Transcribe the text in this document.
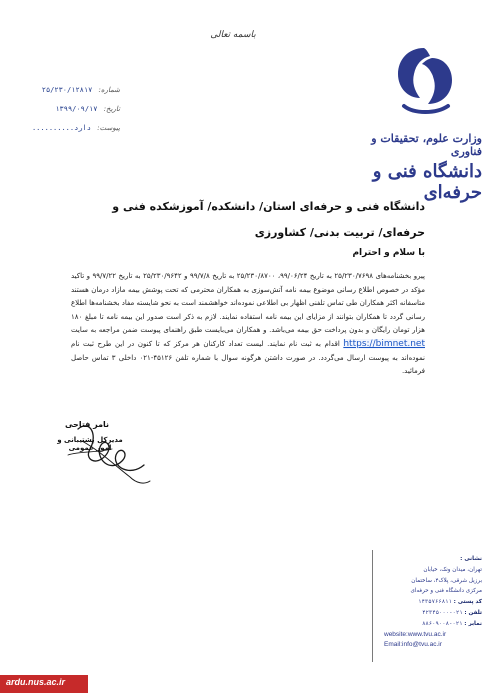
باسمه تعالی
شماره: ۲۵/۲۳۰/۱۲۸۱۷
تاریخ: ۱۳۹۹/۰۹/۱۷
پیوست: دارد..........
وزارت علوم، تحقیقات و فناوری
دانشگاه فنی و حرفه‌ای
دانشگاه فنی و حرفه‌ای استان/ دانشکده/ آموزشکده فنی و حرفه‌ای/ تربیت بدنی/ کشاورزی
با سلام و احترام

پیرو بخشنامه‌های ۲۵/۲۳۰/۷۶۹۸ به تاریخ ۹۹/۰۶/۲۴، ۲۵/۲۳۰/۸۷۰۰ به تاریخ ۹۹/۷/۸ و ۲۵/۲۳۰/۹۶۴۲ به تاریخ ۹۹/۷/۲۲ و تاکید مؤکد در خصوص اطلاع رسانی موضوع بیمه نامه آتش‌سوزی به همکاران محترمی که تحت پوشش بیمه مازاد درمان هستند متاسفانه اکثر همکاران طی تماس تلفنی اظهار بی اطلاعی نموده‌اند خواهشمند است به نحو شایسته مفاد بخشنامه‌ها اطلاع رسانی گردد تا همکاران بتوانند از مزایای این بیمه نامه استفاده نمایند. لازم به ذکر است صدور این بیمه نامه تا مبلغ ۱۸۰ هزار تومان رایگان و بدون پرداخت حق بیمه می‌باشد. و همکاران می‌بایست طبق راهنمای پیوست ضمن مراجعه به سایت https://bimnet.net اقدام به ثبت نام نمایند. لیست تعداد کارکنان هر مرکز که تا کنون در این طرح ثبت نام نموده‌اند به پیوست ارسال می‌گردد. در صورت داشتن هرگونه سوال با شماره تلفن ۴۵۱۲۶-۰۲۱ داخلی ۳ تماس حاصل فرمائید.

نامر فتاحی
مدیرکل پشتیبانی و امور عمومی
نشانی :
تهران، میدان ونک، خیابان
برزیل شرقی، پلاک۴، ساختمان
مرکزی دانشگاه فنی و حرفه‌ای
کد پستی : ۱۴۳۵۷۶۶۸۱۱
تلفن : ۰۲۱-۴۲۳۴۵۰۰۰
نمابر : ۰۲۱-۸۸۶۰۹۰۰۸
website:www.tvu.ac.ir
Email:info@tvu.ac.ir
ardu.nus.ac.ir
